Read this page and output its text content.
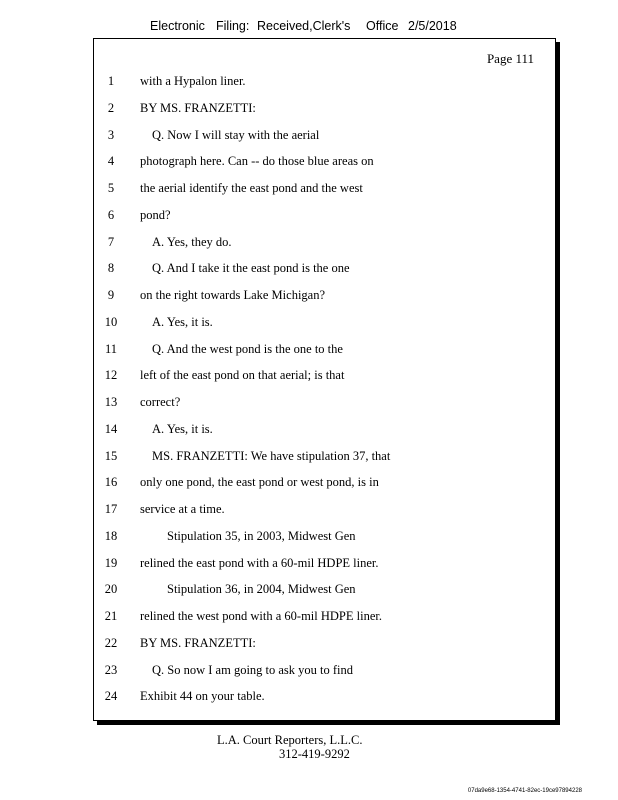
Electronic Filing: Received,Clerk's Office 2/5/2018
Page 111
1	with a Hypalon liner.
2	BY MS. FRANZETTI:
3	Q. Now I will stay with the aerial
4	photograph here. Can -- do those blue areas on
5	the aerial identify the east pond and the west
6	pond?
7	A. Yes, they do.
8	Q. And I take it the east pond is the one
9	on the right towards Lake Michigan?
10	A. Yes, it is.
11	Q. And the west pond is the one to the
12	left of the east pond on that aerial; is that
13	correct?
14	A. Yes, it is.
15	MS. FRANZETTI: We have stipulation 37, that
16	only one pond, the east pond or west pond, is in
17	service at a time.
18	Stipulation 35, in 2003, Midwest Gen
19	relined the east pond with a 60-mil HDPE liner.
20	Stipulation 36, in 2004, Midwest Gen
21	relined the west pond with a 60-mil HDPE liner.
22	BY MS. FRANZETTI:
23	Q. So now I am going to ask you to find
24	Exhibit 44 on your table.
L.A. Court Reporters, L.L.C.
312-419-9292
07da9e68-1354-4741-82ec-19ce97894228
